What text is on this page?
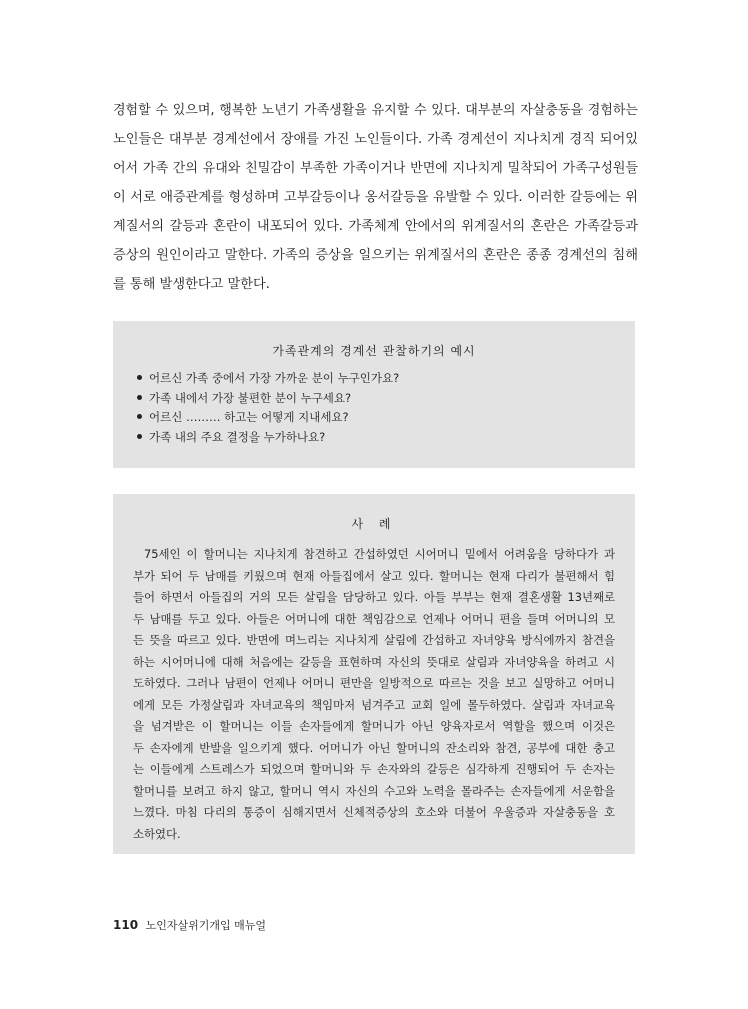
경험할 수 있으며, 행복한 노년기 가족생활을 유지할 수 있다. 대부분의 자살충동을 경험하는
노인들은 대부분 경계선에서 장애를 가진 노인들이다. 가족 경계선이 지나치게 경직 되어있
어서 가족 간의 유대와 친밀감이 부족한 가족이거나 반면에 지나치게 밀착되어 가족구성원들
이 서로 애증관계를 형성하며 고부갈등이나 옹서갈등을 유발할 수 있다. 이러한 갈등에는 위
계질서의 갈등과 혼란이 내포되어 있다. 가족체계 안에서의 위계질서의 혼란은 가족갈등과
증상의 원인이라고 말한다. 가족의 증상을 일으키는 위계질서의 혼란은 종종 경계선의 침해
를 통해 발생한다고 말한다.
가족관계의 경계선 관찰하기의 예시
어르신 가족 중에서 가장 가까운 분이 누구인가요?
가족 내에서 가장 불편한 분이 누구세요?
어르신 ……… 하고는 어떻게 지내세요?
가족 내의 주요 결정을 누가하나요?
사 례
75세인 이 할머니는 지나치게 참견하고 간섭하였던 시어머니 밑에서 어려움을 당하다가 과
부가 되어 두 남매를 키웠으며 현재 아들집에서 살고 있다. 할머니는 현재 다리가 불편해서 힘
들어 하면서 아들집의 거의 모든 살림을 담당하고 있다. 아들 부부는 현재 결혼생활 13년째로
두 남매를 두고 있다. 아들은 어머니에 대한 책임감으로 언제나 어머니 편을 들며 어머니의 모
든 뜻을 따르고 있다. 반면에 며느리는 지나치게 살림에 간섭하고 자녀양육 방식에까지 참견을
하는 시어머니에 대해 처음에는 갈등을 표현하며 자신의 뜻대로 살림과 자녀양육을 하려고 시
도하였다. 그러나 남편이 언제나 어머니 편만을 일방적으로 따르는 것을 보고 실망하고 어머니
에게 모든 가정살림과 자녀교육의 책임마저 넘겨주고 교회 일에 몰두하였다. 살림과 자녀교육
을 넘겨받은 이 할머니는 이들 손자들에게 할머니가 아닌 양육자로서 역할을 했으며 이것은
두 손자에게 반발을 일으키게 했다. 어머니가 아닌 할머니의 잔소리와 참견, 공부에 대한 충고
는 이들에게 스트레스가 되었으며 할머니와 두 손자와의 갈등은 심각하게 진행되어 두 손자는
할머니를 보려고 하지 않고, 할머니 역시 자신의 수고와 노력을 몰라주는 손자들에게 서운함을
느꼈다. 마침 다리의 통증이 심해지면서 신체적증상의 호소와 더불어 우울증과 자살충동을 호
소하였다.
110 노인자살위기개입 매뉴얼
